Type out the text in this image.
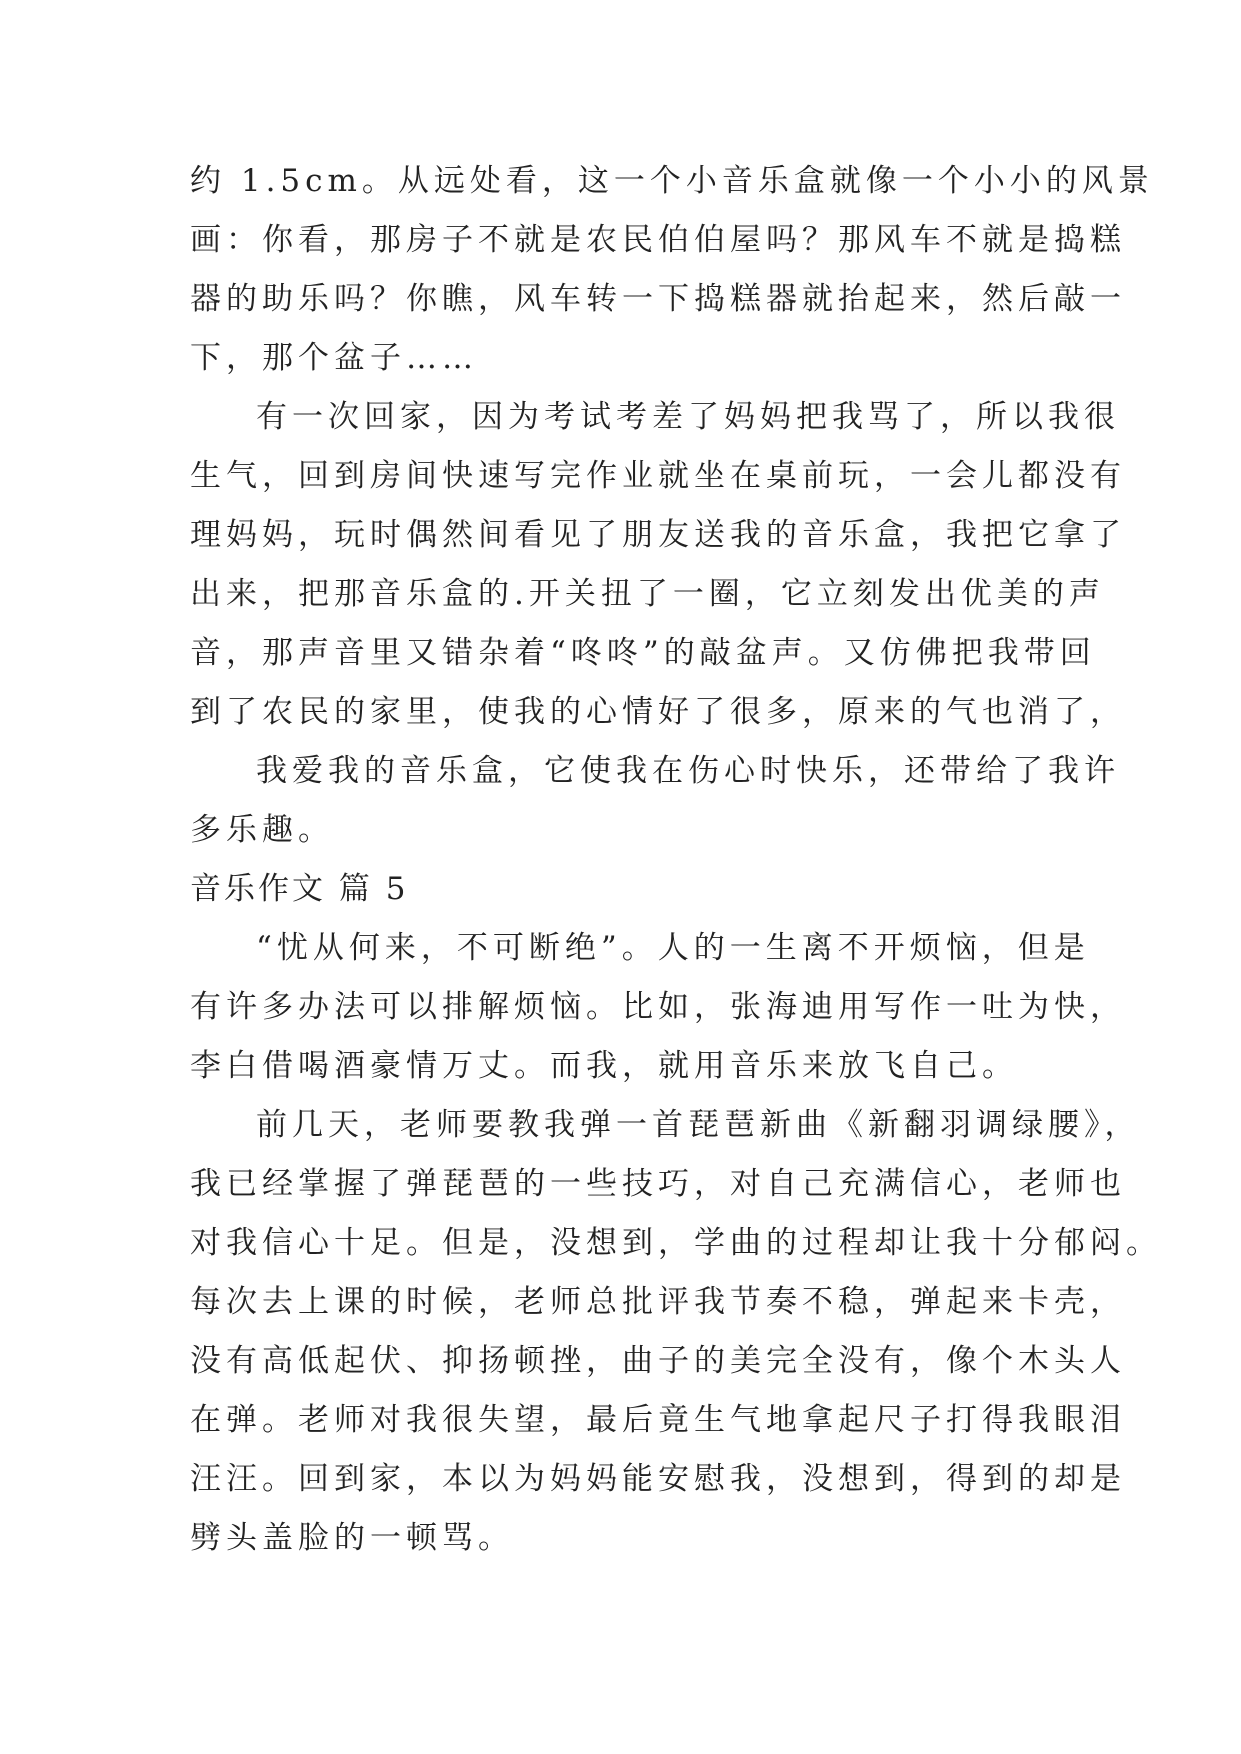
约 1.5cm。从远处看，这一个小音乐盒就像一个小小的风景
画：你看，那房子不就是农民伯伯屋吗？那风车不就是捣糕
器的助乐吗？你瞧，风车转一下捣糕器就抬起来，然后敲一
下，那个盆子……
有一次回家，因为考试考差了妈妈把我骂了，所以我很
生气，回到房间快速写完作业就坐在桌前玩，一会儿都没有
理妈妈，玩时偶然间看见了朋友送我的音乐盒，我把它拿了
出来，把那音乐盒的.开关扭了一圈，它立刻发出优美的声
音，那声音里又错杂着“咚咚”的敲盆声。又仿佛把我带回
到了农民的家里，使我的心情好了很多，原来的气也消了，
我爱我的音乐盒，它使我在伤心时快乐，还带给了我许
多乐趣。
音乐作文 篇 5
“忧从何来，不可断绝”。人的一生离不开烦恼，但是
有许多办法可以排解烦恼。比如，张海迪用写作一吐为快，
李白借喝酒豪情万丈。而我，就用音乐来放飞自己。
前几天，老师要教我弹一首琵琶新曲《新翻羽调绿腰》，
我已经掌握了弹琵琶的一些技巧，对自己充满信心，老师也
对我信心十足。但是，没想到，学曲的过程却让我十分郁闷。
每次去上课的时候，老师总批评我节奏不稳，弹起来卡壳，
没有高低起伏、抑扬顿挫，曲子的美完全没有，像个木头人
在弹。老师对我很失望，最后竟生气地拿起尺子打得我眼泪
汪汪。回到家，本以为妈妈能安慰我，没想到，得到的却是
劈头盖脸的一顿骂。
